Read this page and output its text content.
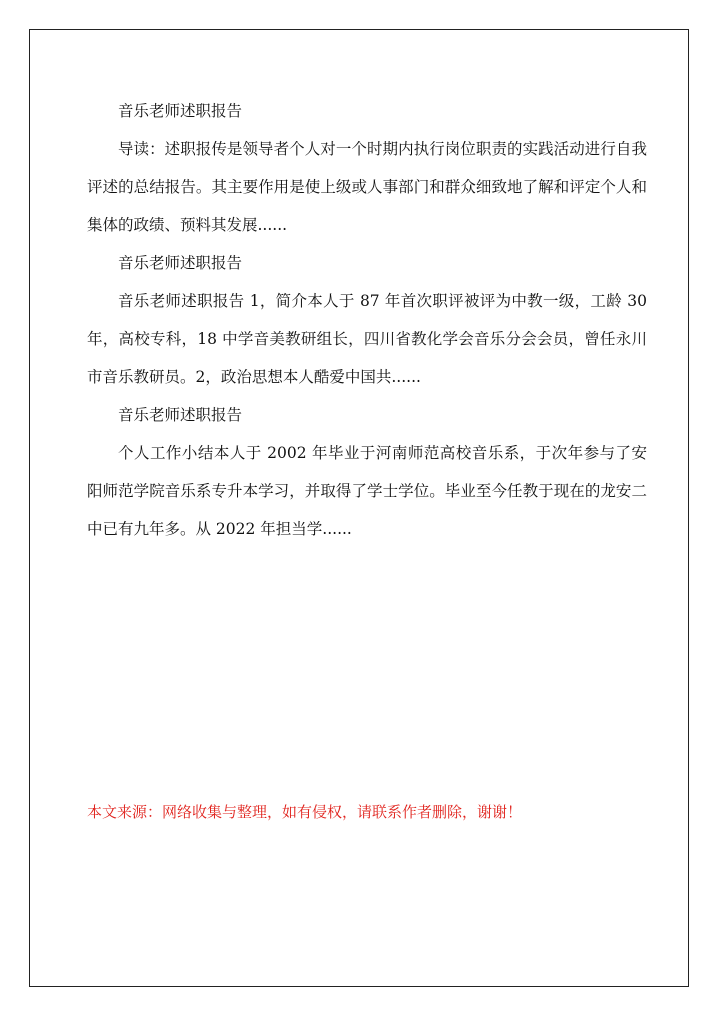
音乐老师述职报告

导读：述职报传是领导者个人对一个时期内执行岗位职责的实践活动进行自我评述的总结报告。其主要作用是使上级或人事部门和群众细致地了解和评定个人和集体的政绩、预料其发展......

音乐老师述职报告

音乐老师述职报告 1，简介本人于 87 年首次职评被评为中教一级，工龄 30 年，高校专科，18 中学音美教研组长，四川省教化学会音乐分会会员，曾任永川市音乐教研员。2，政治思想本人酷爱中国共......

音乐老师述职报告

个人工作小结本人于 2002 年毕业于河南师范高校音乐系，于次年参与了安阳师范学院音乐系专升本学习，并取得了学士学位。毕业至今任教于现在的龙安二中已有九年多。从 2022 年担当学......

本文来源：网络收集与整理，如有侵权，请联系作者删除，谢谢！
